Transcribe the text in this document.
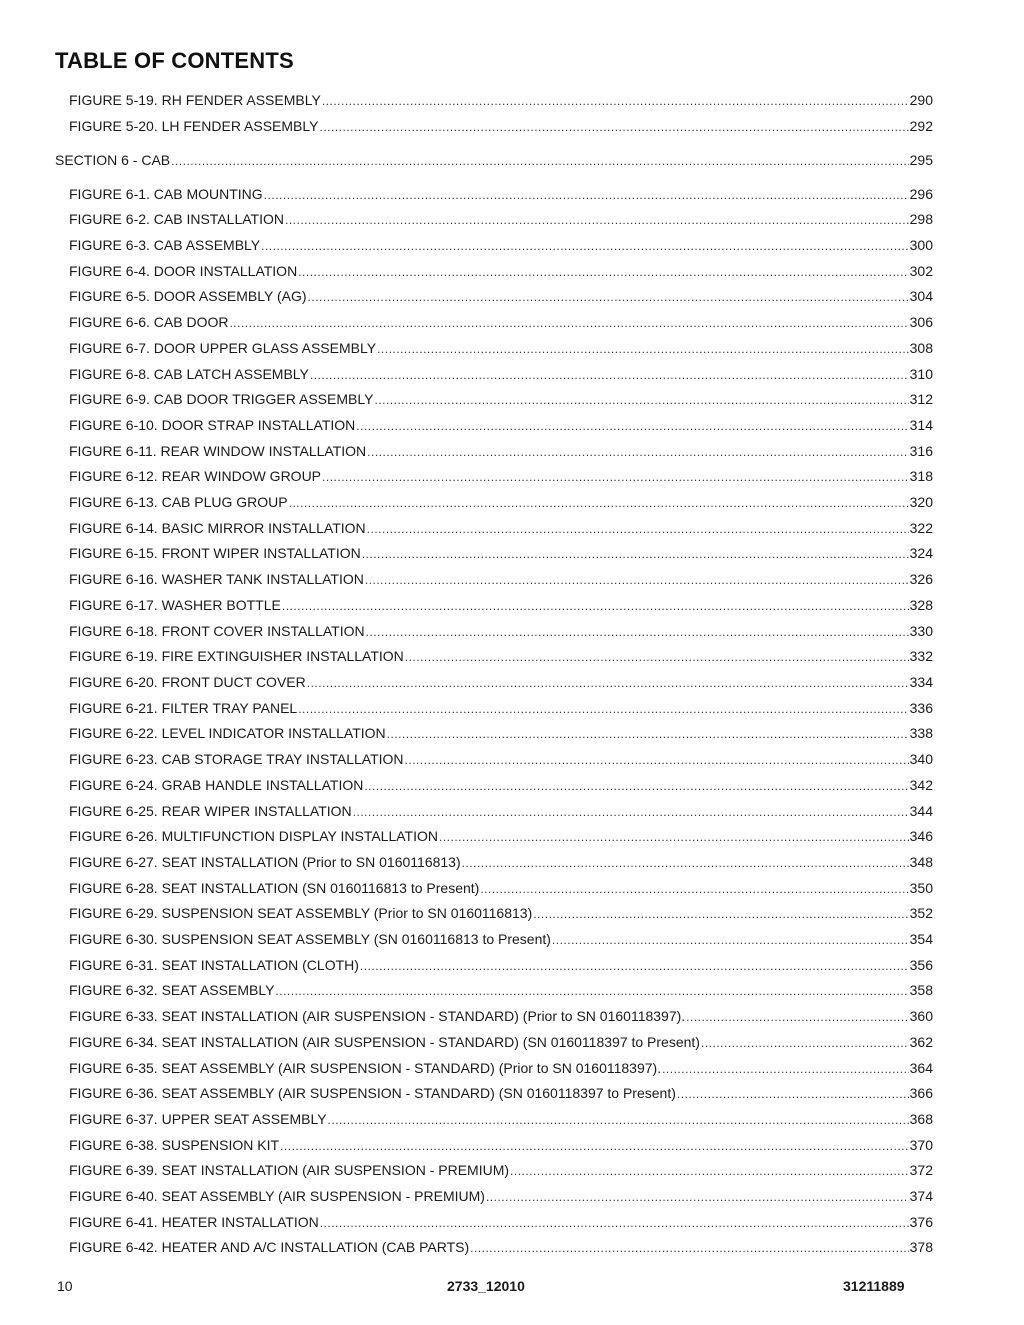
TABLE OF CONTENTS
FIGURE 5-19. RH FENDER ASSEMBLY .....	290
FIGURE 5-20. LH FENDER ASSEMBLY .....	292
SECTION 6 - CAB .....	295
FIGURE 6-1. CAB MOUNTING .....	296
FIGURE 6-2. CAB INSTALLATION .....	298
FIGURE 6-3. CAB ASSEMBLY .....	300
FIGURE 6-4. DOOR INSTALLATION .....	302
FIGURE 6-5. DOOR ASSEMBLY (AG) .....	304
FIGURE 6-6. CAB DOOR .....	306
FIGURE 6-7. DOOR UPPER GLASS ASSEMBLY .....	308
FIGURE 6-8. CAB LATCH ASSEMBLY .....	310
FIGURE 6-9. CAB DOOR TRIGGER ASSEMBLY .....	312
FIGURE 6-10. DOOR STRAP INSTALLATION .....	314
FIGURE 6-11. REAR WINDOW INSTALLATION .....	316
FIGURE 6-12. REAR WINDOW GROUP .....	318
FIGURE 6-13. CAB PLUG GROUP .....	320
FIGURE 6-14. BASIC MIRROR INSTALLATION .....	322
FIGURE 6-15. FRONT WIPER INSTALLATION .....	324
FIGURE 6-16. WASHER TANK INSTALLATION .....	326
FIGURE 6-17. WASHER BOTTLE .....	328
FIGURE 6-18. FRONT COVER INSTALLATION .....	330
FIGURE 6-19. FIRE EXTINGUISHER INSTALLATION .....	332
FIGURE 6-20. FRONT DUCT COVER .....	334
FIGURE 6-21. FILTER TRAY PANEL .....	336
FIGURE 6-22. LEVEL INDICATOR INSTALLATION .....	338
FIGURE 6-23. CAB STORAGE TRAY INSTALLATION .....	340
FIGURE 6-24. GRAB HANDLE INSTALLATION .....	342
FIGURE 6-25. REAR WIPER INSTALLATION .....	344
FIGURE 6-26. MULTIFUNCTION DISPLAY INSTALLATION .....	346
FIGURE 6-27. SEAT INSTALLATION (Prior to SN 0160116813) .....	348
FIGURE 6-28. SEAT INSTALLATION (SN 0160116813 to Present) .....	350
FIGURE 6-29. SUSPENSION SEAT ASSEMBLY (Prior to SN 0160116813) .....	352
FIGURE 6-30. SUSPENSION SEAT ASSEMBLY (SN 0160116813 to Present) .....	354
FIGURE 6-31. SEAT INSTALLATION (CLOTH) .....	356
FIGURE 6-32. SEAT ASSEMBLY .....	358
FIGURE 6-33. SEAT INSTALLATION (AIR SUSPENSION - STANDARD) (Prior to SN 0160118397). .....	360
FIGURE 6-34. SEAT INSTALLATION (AIR SUSPENSION - STANDARD) (SN 0160118397 to Present) .....	362
FIGURE 6-35. SEAT ASSEMBLY (AIR SUSPENSION - STANDARD) (Prior to SN 0160118397). .....	364
FIGURE 6-36. SEAT ASSEMBLY (AIR SUSPENSION - STANDARD) (SN 0160118397 to Present) .....	366
FIGURE 6-37. UPPER SEAT ASSEMBLY .....	368
FIGURE 6-38. SUSPENSION KIT .....	370
FIGURE 6-39. SEAT INSTALLATION (AIR SUSPENSION - PREMIUM) .....	372
FIGURE 6-40. SEAT ASSEMBLY (AIR SUSPENSION - PREMIUM) .....	374
FIGURE 6-41. HEATER INSTALLATION .....	376
FIGURE 6-42. HEATER AND A/C INSTALLATION (CAB PARTS) .....	378
10	2733_12010	31211889
